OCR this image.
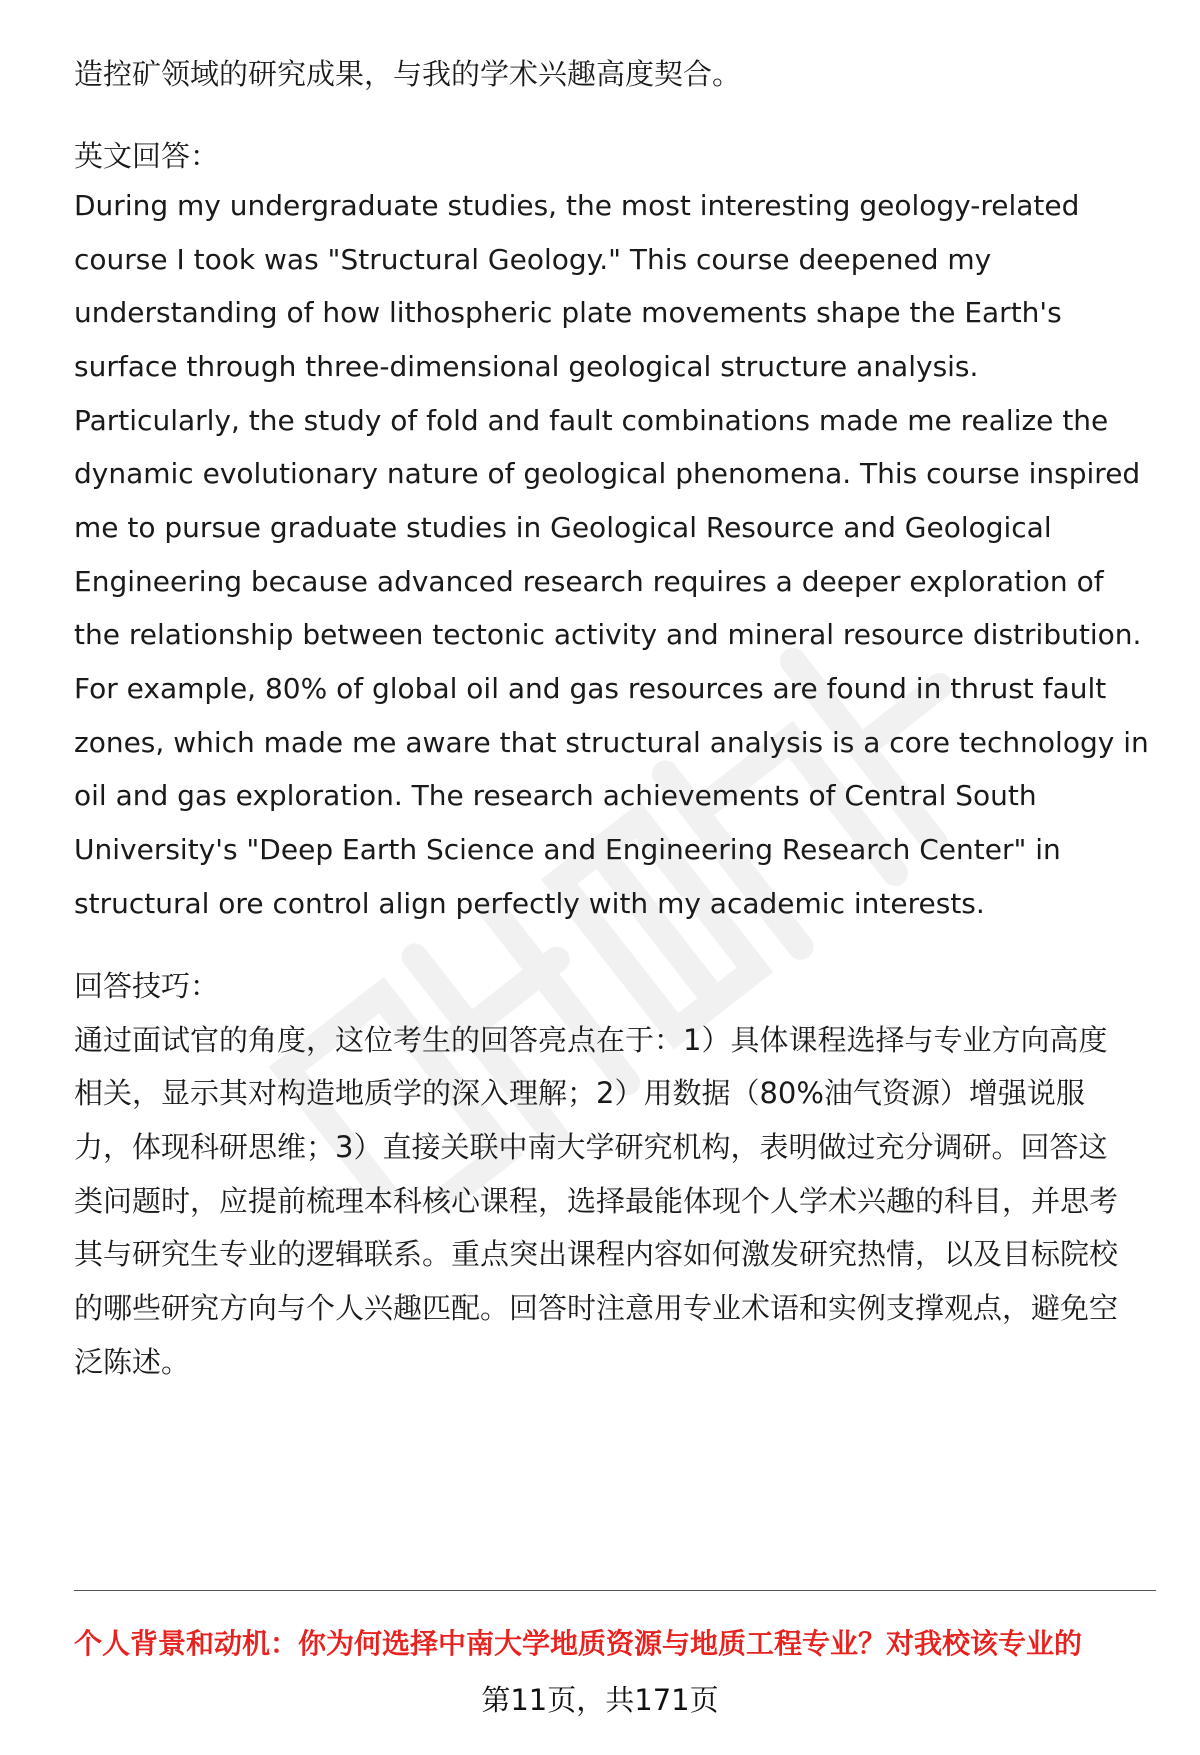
造控矿领域的研究成果，与我的学术兴趣高度契合。

英文回答：

During my undergraduate studies, the most interesting geology-related

course I took was "Structural Geology." This course deepened my

understanding of how lithospheric plate movements shape the Earth's

surface through three-dimensional geological structure analysis.

Particularly, the study of fold and fault combinations made me realize the

dynamic evolutionary nature of geological phenomena. This course inspired

me to pursue graduate studies in Geological Resource and Geological

Engineering because advanced research requires a deeper exploration of

the relationship between tectonic activity and mineral resource distribution.

For example, 80% of global oil and gas resources are found in thrust fault

zones, which made me aware that structural analysis is a core technology in

oil and gas exploration. The research achievements of Central South

University's "Deep Earth Science and Engineering Research Center" in

structural ore control align perfectly with my academic interests.

回答技巧：

通过面试官的角度，这位考生的回答亮点在于：1）具体课程选择与专业方向高度

相关，显示其对构造地质学的深入理解；2）用数据（80%油气资源）增强说服

力，体现科研思维；3）直接关联中南大学研究机构，表明做过充分调研。回答这

类问题时，应提前梳理本科核心课程，选择最能体现个人学术兴趣的科目，并思考

其与研究生专业的逻辑联系。重点突出课程内容如何激发研究热情，以及目标院校

的哪些研究方向与个人兴趣匹配。回答时注意用专业术语和实例支撑观点，避免空

泛陈述。

个人背景和动机：你为何选择中南大学地质资源与地质工程专业？对我校该专业的
第11页，共171页
